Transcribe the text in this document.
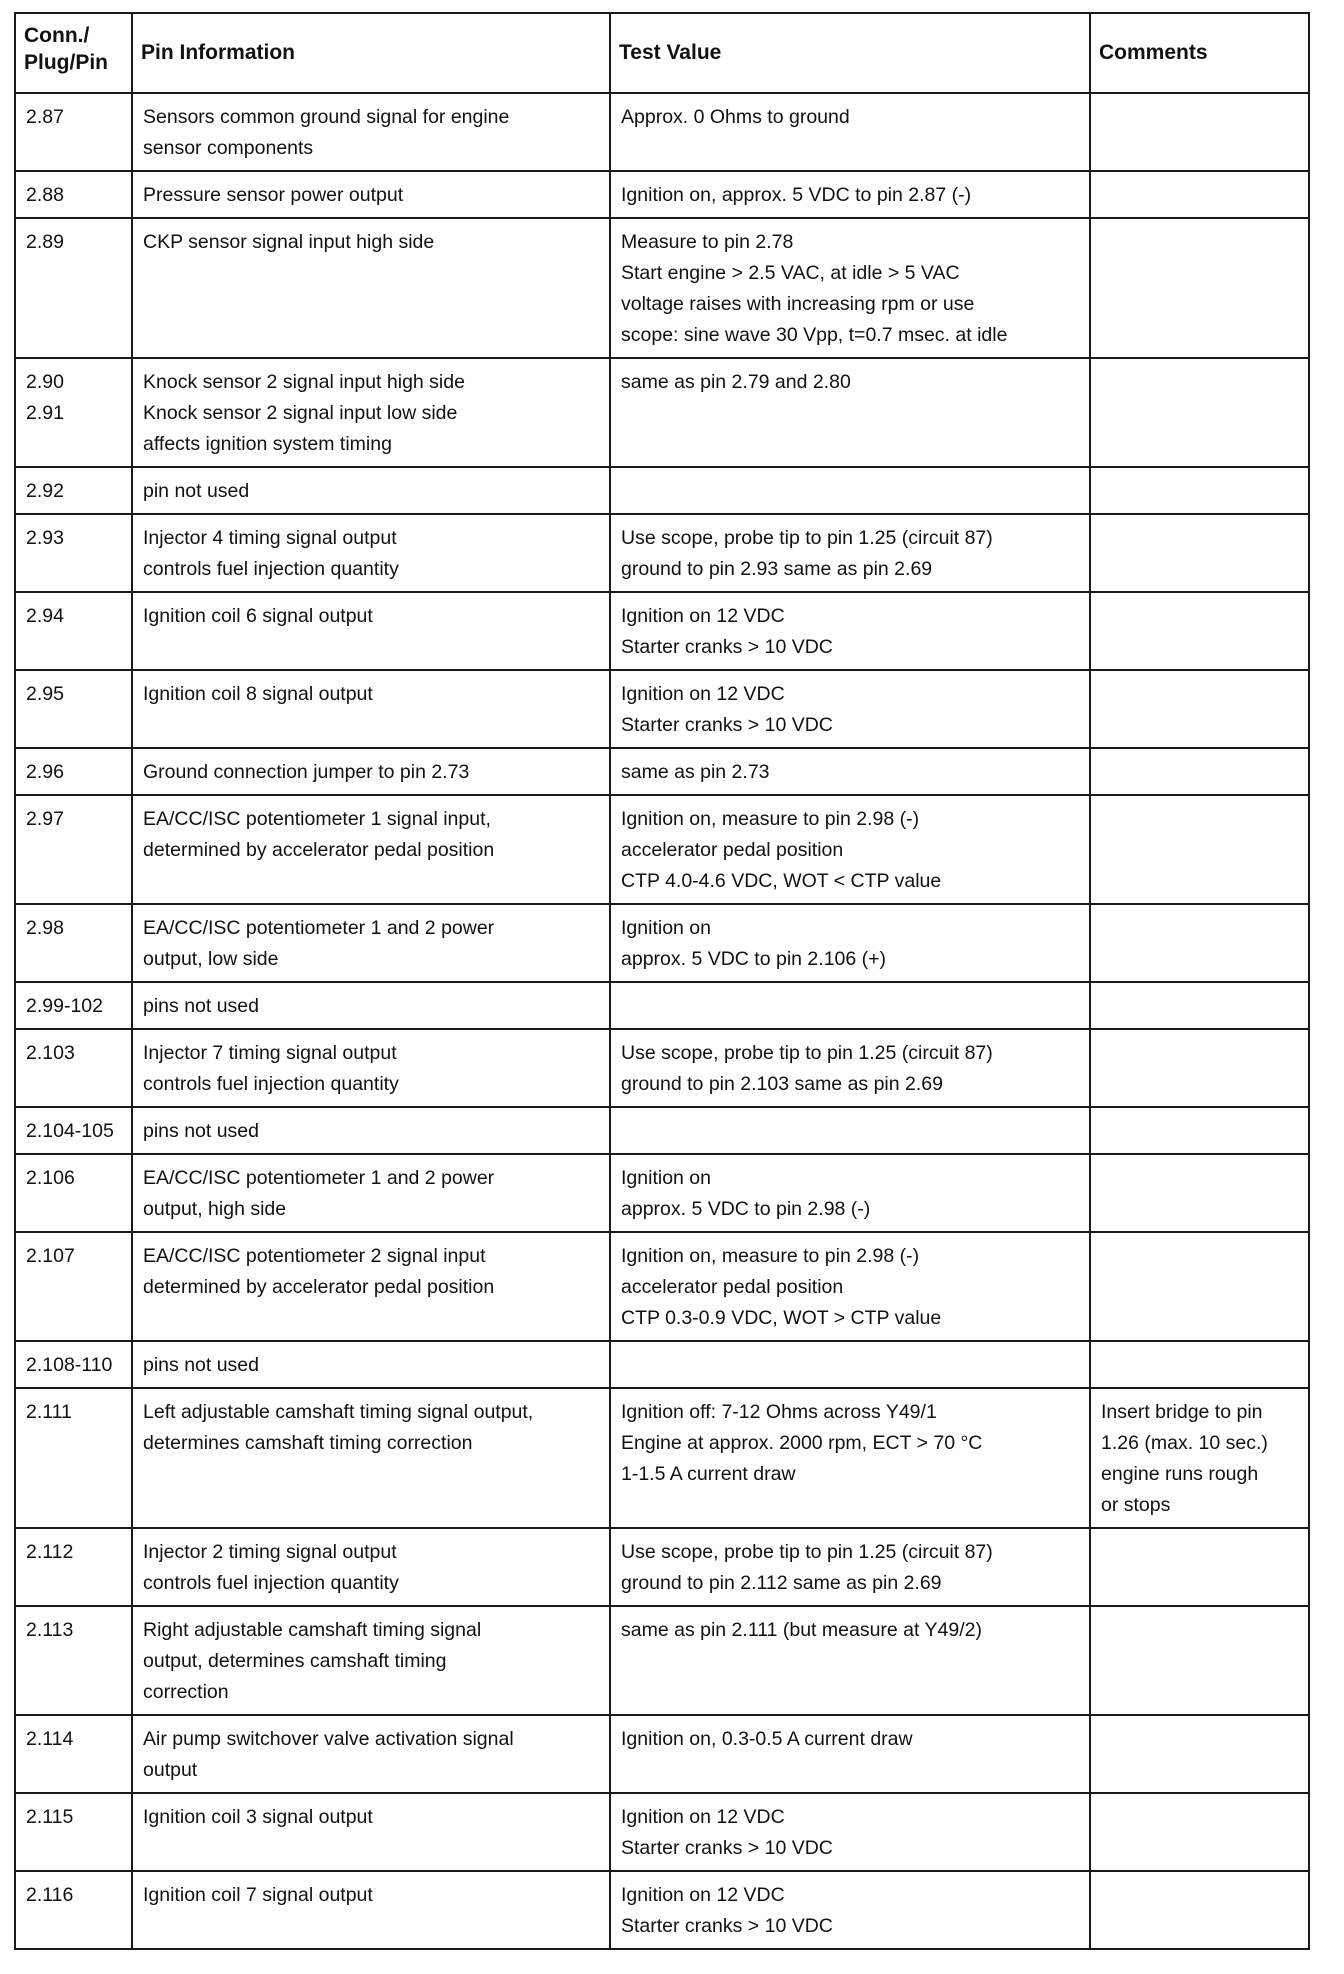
Conn./
Plug/Pin	Pin Information	Test Value	Comments

2.87	Sensors common ground signal for engine
sensor components	Approx. 0 Ohms to ground	

2.88	Pressure sensor power output	Ignition on, approx. 5 VDC to pin 2.87 (-)	

2.89	CKP sensor signal input high side	Measure to pin 2.78
Start engine > 2.5 VAC, at idle > 5 VAC
voltage raises with increasing rpm or use
scope: sine wave 30 Vpp, t=0.7 msec. at idle	

2.90
2.91	Knock sensor 2 signal input high side
Knock sensor 2 signal input low side
affects ignition system timing	same as pin 2.79 and 2.80	

2.92	pin not used		

2.93	Injector 4 timing signal output
controls fuel injection quantity	Use scope, probe tip to pin 1.25 (circuit 87)
ground to pin 2.93 same as pin 2.69	

2.94	Ignition coil 6 signal output	Ignition on 12 VDC
Starter cranks > 10 VDC	

2.95	Ignition coil 8 signal output	Ignition on 12 VDC
Starter cranks > 10 VDC	

2.96	Ground connection jumper to pin 2.73	same as pin 2.73	

2.97	EA/CC/ISC potentiometer 1 signal input,
determined by accelerator pedal position	Ignition on, measure to pin 2.98 (-)
accelerator pedal position
CTP 4.0-4.6 VDC, WOT < CTP value	

2.98	EA/CC/ISC potentiometer 1 and 2 power
output, low side	Ignition on
approx. 5 VDC to pin 2.106 (+)	

2.99-102	pins not used		

2.103	Injector 7 timing signal output
controls fuel injection quantity	Use scope, probe tip to pin 1.25 (circuit 87)
ground to pin 2.103 same as pin 2.69	

2.104-105	pins not used		

2.106	EA/CC/ISC potentiometer 1 and 2 power
output, high side	Ignition on
approx. 5 VDC to pin 2.98 (-)	

2.107	EA/CC/ISC potentiometer 2 signal input
determined by accelerator pedal position	Ignition on, measure to pin 2.98 (-)
accelerator pedal position
CTP 0.3-0.9 VDC, WOT > CTP value	

2.108-110	pins not used		

2.111	Left adjustable camshaft timing signal output,
determines camshaft timing correction	Ignition off: 7-12 Ohms across Y49/1
Engine at approx. 2000 rpm, ECT > 70 °C
1-1.5 A current draw	Insert bridge to pin
1.26 (max. 10 sec.)
engine runs rough
or stops

2.112	Injector 2 timing signal output
controls fuel injection quantity	Use scope, probe tip to pin 1.25 (circuit 87)
ground to pin 2.112 same as pin 2.69	

2.113	Right adjustable camshaft timing signal
output, determines camshaft timing
correction	same as pin 2.111 (but measure at Y49/2)	

2.114	Air pump switchover valve activation signal
output	Ignition on, 0.3-0.5 A current draw	

2.115	Ignition coil 3 signal output	Ignition on 12 VDC
Starter cranks > 10 VDC	

2.116	Ignition coil 7 signal output	Ignition on 12 VDC
Starter cranks > 10 VDC	
